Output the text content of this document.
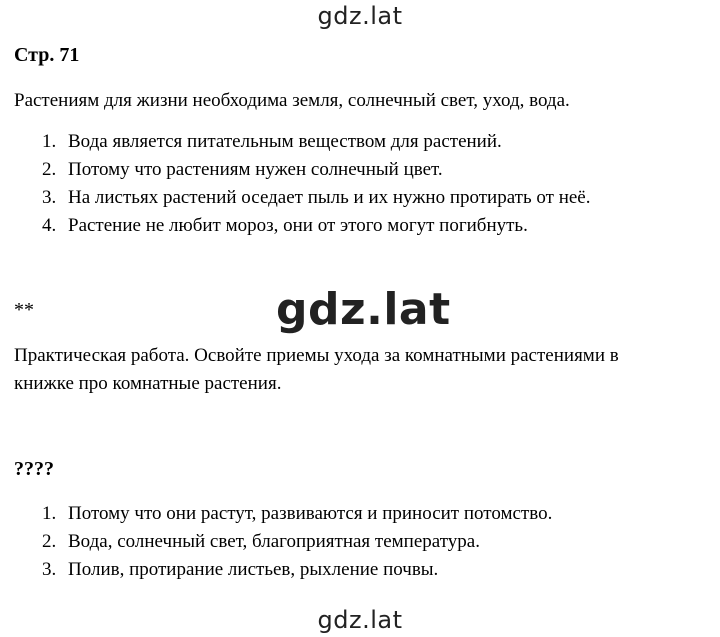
gdz.lat
Стр. 71
Растениям для жизни необходима земля, солнечный свет, уход, вода.
1. Вода является питательным веществом для растений.
2. Потому что растениям нужен солнечный цвет.
3. На листьях растений оседает пыль и их нужно протирать от неё.
4. Растение не любит мороз, они от этого могут погибнуть.
**	gdz.lat
Практическая работа. Освойте приемы ухода за комнатными растениями в
книжке про комнатные растения.
????
1. Потому что они растут, развиваются и приносит потомство.
2. Вода, солнечный свет, благоприятная температура.
3. Полив, протирание листьев, рыхление почвы.
gdz.lat
